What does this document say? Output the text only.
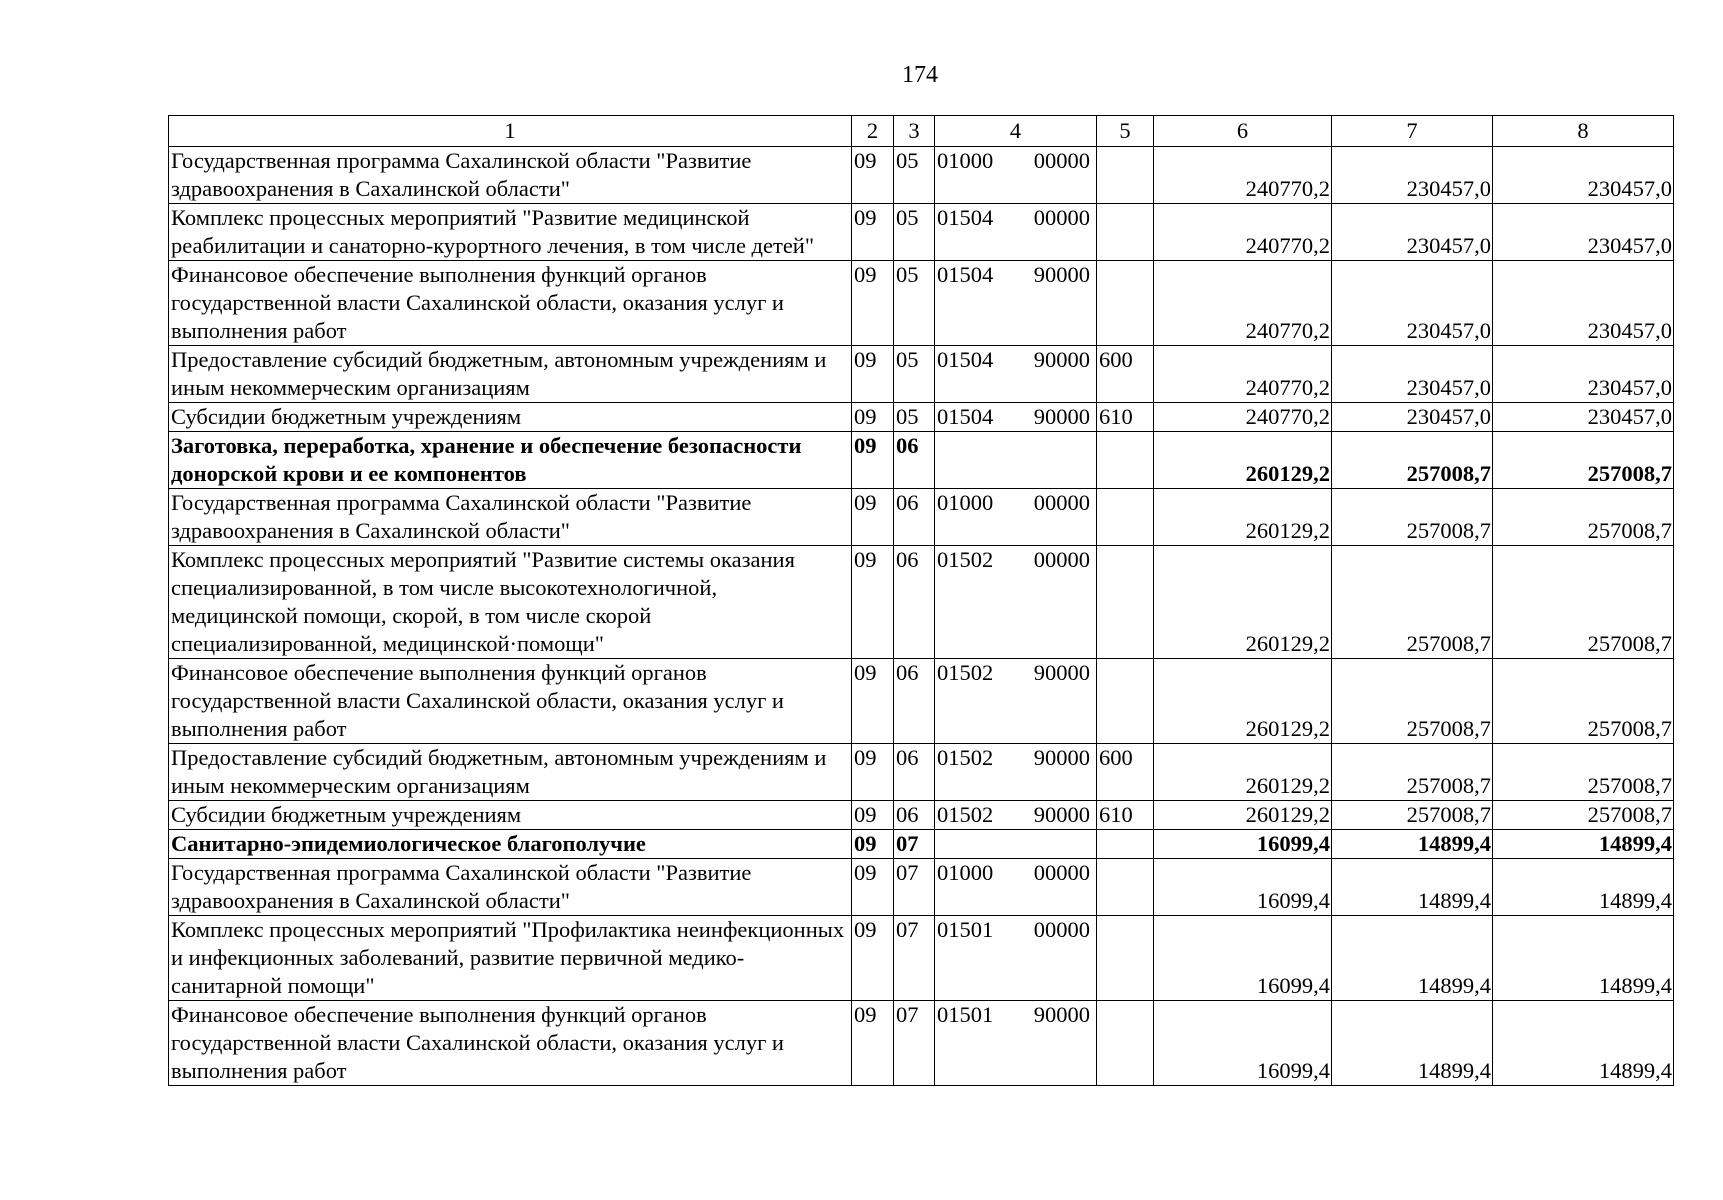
174
1	2	3	4	5	6	7	8
Государственная программа Сахалинской области "Развитие здравоохранения в Сахалинской области"	09	05	01000 00000		240770,2	230457,0	230457,0
Комплекс процессных мероприятий "Развитие медицинской реабилитации и санаторно-курортного лечения, в том числе детей"	09	05	01504 00000		240770,2	230457,0	230457,0
Финансовое обеспечение выполнения функций органов государственной власти Сахалинской области, оказания услуг и выполнения работ	09	05	01504 90000		240770,2	230457,0	230457,0
Предоставление субсидий бюджетным, автономным учреждениям и иным некоммерческим организациям	09	05	01504 90000	600	240770,2	230457,0	230457,0
Субсидии бюджетным учреждениям	09	05	01504 90000	610	240770,2	230457,0	230457,0
Заготовка, переработка, хранение и обеспечение безопасности донорской крови и ее компонентов	09	06			260129,2	257008,7	257008,7
Государственная программа Сахалинской области "Развитие здравоохранения в Сахалинской области"	09	06	01000 00000		260129,2	257008,7	257008,7
Комплекс процессных мероприятий "Развитие системы оказания специализированной, в том числе высокотехнологичной, медицинской помощи, скорой, в том числе скорой специализированной, медицинской·помощи"	09	06	01502 00000		260129,2	257008,7	257008,7
Финансовое обеспечение выполнения функций органов государственной власти Сахалинской области, оказания услуг и выполнения работ	09	06	01502 90000		260129,2	257008,7	257008,7
Предоставление субсидий бюджетным, автономным учреждениям и иным некоммерческим организациям	09	06	01502 90000	600	260129,2	257008,7	257008,7
Субсидии бюджетным учреждениям	09	06	01502 90000	610	260129,2	257008,7	257008,7
Санитарно-эпидемиологическое благополучие	09	07			16099,4	14899,4	14899,4
Государственная программа Сахалинской области "Развитие здравоохранения в Сахалинской области"	09	07	01000 00000		16099,4	14899,4	14899,4
Комплекс процессных мероприятий "Профилактика неинфекционных и инфекционных заболеваний, развитие первичной медико-санитарной помощи"	09	07	01501 00000		16099,4	14899,4	14899,4
Финансовое обеспечение выполнения функций органов государственной власти Сахалинской области, оказания услуг и выполнения работ	09	07	01501 90000		16099,4	14899,4	14899,4
